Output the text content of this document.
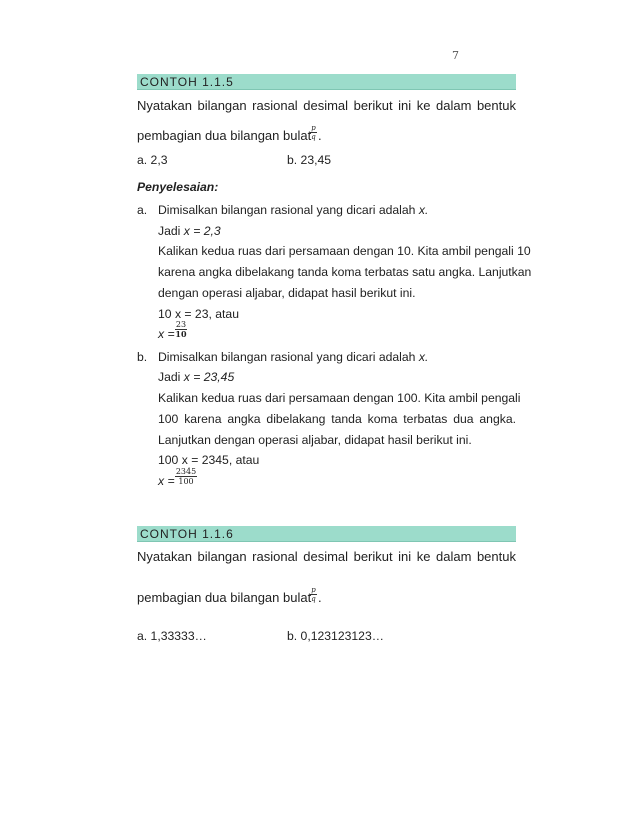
7
CONTOH 1.1.5
Nyatakan bilangan rasional desimal berikut ini ke dalam bentuk
pembagian dua bilangan bulat
$\frac{p}{q}$ .
a. 2,3	b. 23,45
Penyelesaian:
a. Dimisalkan bilangan rasional yang dicari adalah x.
Jadi x = 2,3
Kalikan kedua ruas dari persamaan dengan 10. Kita ambil pengali 10
karena angka dibelakang tanda koma terbatas satu angka. Lanjutkan
dengan operasi aljabar, didapat hasil berikut ini.
10 x = 23, atau
x =
23
10
b. Dimisalkan bilangan rasional yang dicari adalah x.
Jadi x = 23,45
Kalikan kedua ruas dari persamaan dengan 100. Kita ambil pengali
100 karena angka dibelakang tanda koma terbatas dua angka.
Lanjutkan dengan operasi aljabar, didapat hasil berikut ini.
100 x = 2345, atau
x =
2345
100
CONTOH 1.1.6
Nyatakan bilangan rasional desimal berikut ini ke dalam bentuk
pembagian dua bilangan bulat
$\frac{p}{q}$ .
a. 1,33333…	b. 0,123123123…
